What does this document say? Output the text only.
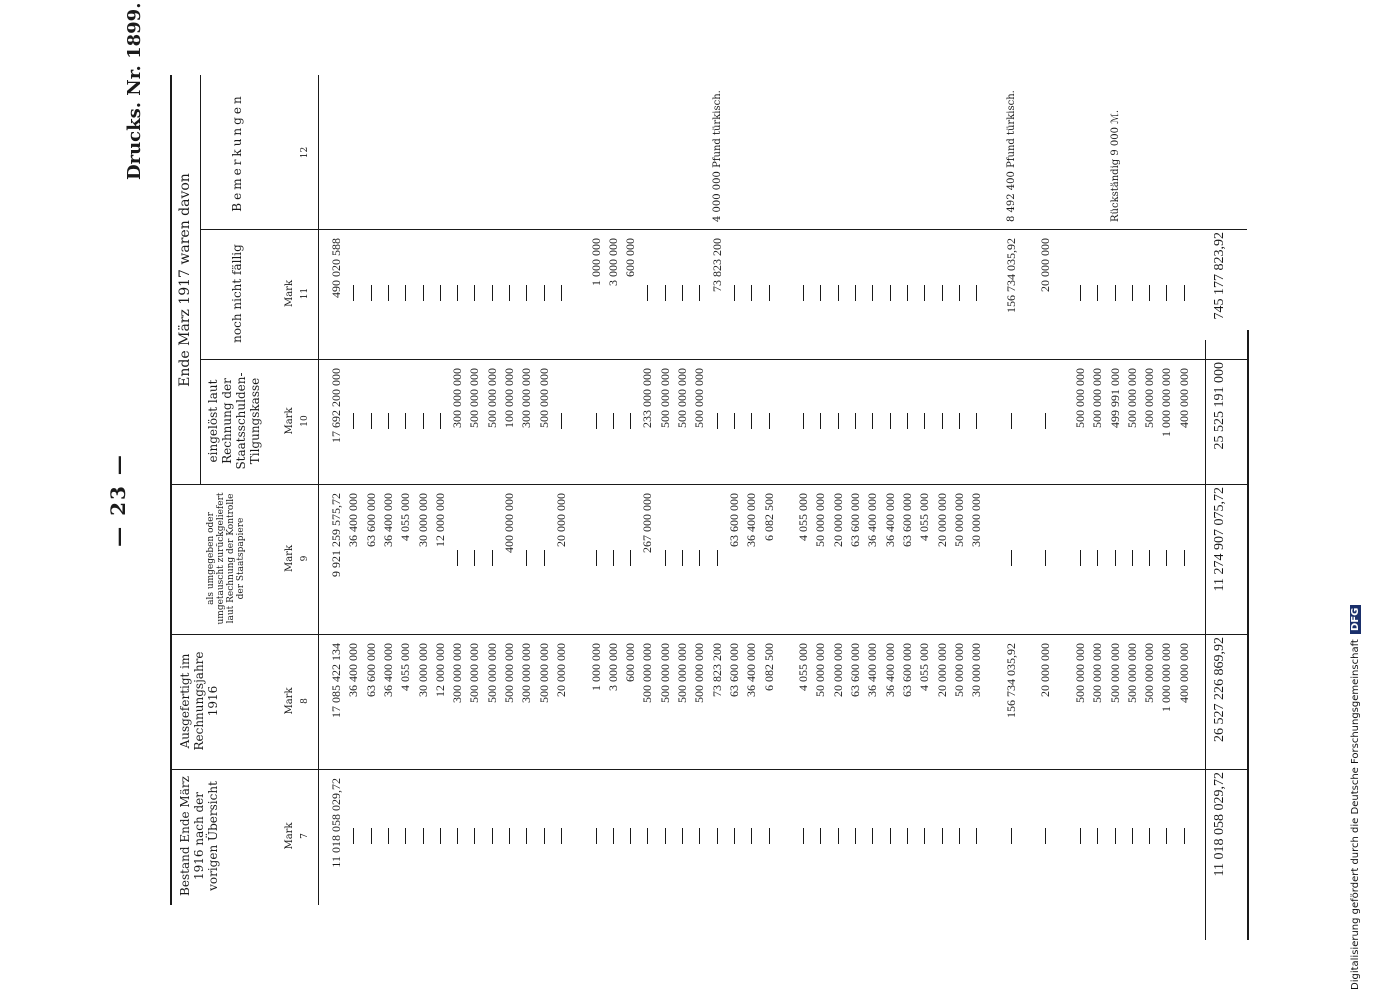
— 23 —
Drucks. Nr. 1899.
Bestand Ende März 1916 nach der vorigen Übersicht
Ausgefertigt im Rechnungsjahre 1916
Ende März 1917 waren davon
als umgegeben oder umgetauscht zurückgeliefert laut Rechnung der Kontrolle der Staatspapiere
eingelöst laut Rechnung der Staatsschulden-Tilgungskasse
noch nicht fällig
Bemerkungen
Mark
Mark
Mark
Mark
Mark
7
8
9
10
11
12
11 018 058 029,72
17 085 422 134
9 921 259 575,72
17 692 200 000
490 020 588
36 400 000
36 400 000
63 600 000
63 600 000
36 400 000
36 400 000
4 055 000
4 055 000
30 000 000
30 000 000
12 000 000
12 000 000
300 000 000
300 000 000
500 000 000
500 000 000
500 000 000
500 000 000
500 000 000
400 000 000
100 000 000
300 000 000
300 000 000
500 000 000
500 000 000
20 000 000
20 000 000
1 000 000
1 000 000
3 000 000
3 000 000
600 000
600 000
500 000 000
267 000 000
233 000 000
500 000 000
500 000 000
500 000 000
500 000 000
500 000 000
500 000 000
73 823 200
73 823 200
4 000 000 Pfund türkisch.
63 600 000
63 600 000
36 400 000
36 400 000
6 082 500
6 082 500
4 055 000
4 055 000
50 000 000
50 000 000
20 000 000
20 000 000
63 600 000
63 600 000
36 400 000
36 400 000
36 400 000
36 400 000
63 600 000
63 600 000
4 055 000
4 055 000
20 000 000
20 000 000
50 000 000
50 000 000
30 000 000
30 000 000
156 734 035,92
156 734 035,92
8 492 400 Pfund türkisch.
20 000 000
20 000 000
500 000 000
500 000 000
500 000 000
500 000 000
500 000 000
499 991 000
Rückständig 9 000 ℳ.
500 000 000
500 000 000
500 000 000
500 000 000
1 000 000 000
1 000 000 000
400 000 000
400 000 000
11 018 058 029,72
26 527 226 869,92
11 274 907 075,72
25 525 191 000
745 177 823,92
Digitalisierung gefördert durch die Deutsche Forschungsgemeinschaft DFG
